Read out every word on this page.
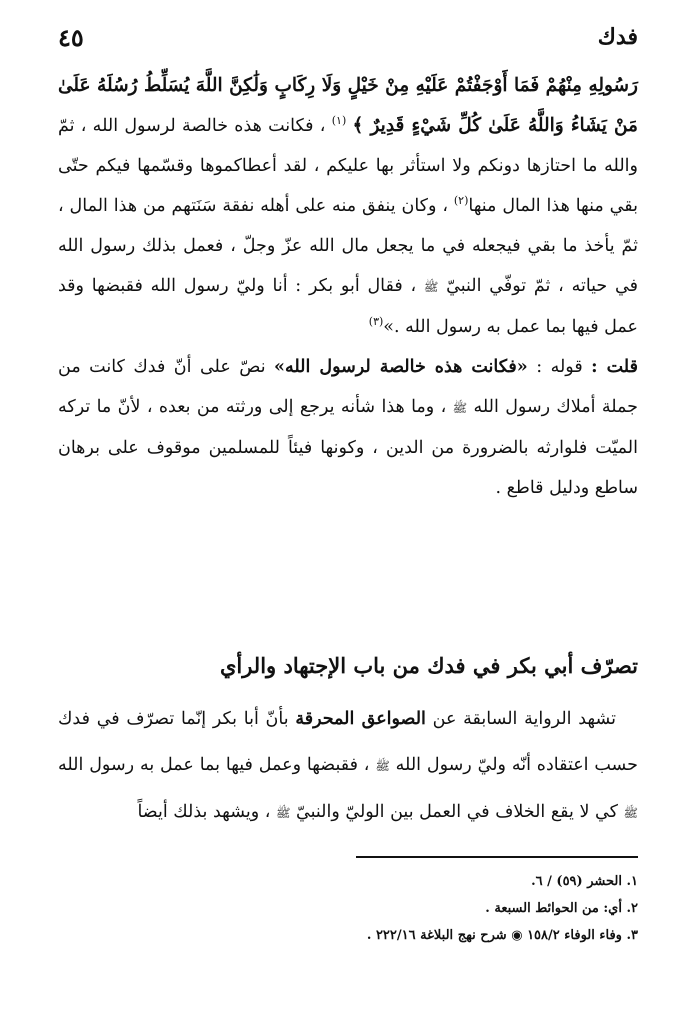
فدك
٤٥

رَسُولِهِ مِنْهُمْ فَمَا أَوْجَفْتُمْ عَلَيْهِ مِنْ خَيْلٍ وَلَا رِكَابٍ وَلَٰكِنَّ اللَّهَ يُسَلِّطُ رُسُلَهُ عَلَىٰ مَنْ يَشَاءُ وَاللَّهُ عَلَىٰ كُلِّ شَيْءٍ قَدِيرٌ ﴾ $^{(١)}$ ، فكانت هذه خالصة لرسول الله ، ثمّ والله ما احتازها دونكم ولا استأثر بها عليكم ، لقد أعطاكموها وقسّمها فيكم حتّى بقي منها هذا المال منها$^{(٢)}$ ، وكان ينفق منه على أهله نفقة سَنَتهم من هذا المال ، ثمّ يأخذ ما بقي فيجعله في ما يجعل مال الله عزّ وجلّ ، فعمل بذلك رسول الله في حياته ، ثمّ توفّي النبيّ ﷺ ، فقال أبو بكر : أنا وليّ رسول الله فقبضها وقد عمل فيها بما عمل به رسول الله .»$^{(٣)}$

قلت : قوله : «فكانت هذه خالصة لرسول الله» نصّ على أنّ فدك كانت من جملة أملاك رسول الله ﷺ ، وما هذا شأنه يرجع إلى ورثته من بعده ، لأنّ ما تركه الميّت فلوارثه بالضرورة من الدين ، وكونها فيئاً للمسلمين موقوف على برهان ساطع ودليل قاطع .

تصرّف أبي بكر في فدك من باب الإجتهاد والرأي

تشهد الرواية السابقة عن الصواعق المحرقة بأنّ أبا بكر إنّما تصرّف في فدك حسب اعتقاده أنّه وليّ رسول الله ﷺ ، فقبضها وعمل فيها بما عمل به رسول الله ﷺ كي لا يقع الخلاف في العمل بين الوليّ والنبيّ ﷺ ، ويشهد بذلك أيضاً

١. الحشر (٥٩) / ٦.
٢. أي: من الحوائط السبعة .
٣. وفاء الوفاء ١٥٨/٢ ◉ شرح نهج البلاغة ٢٢٢/١٦ .
